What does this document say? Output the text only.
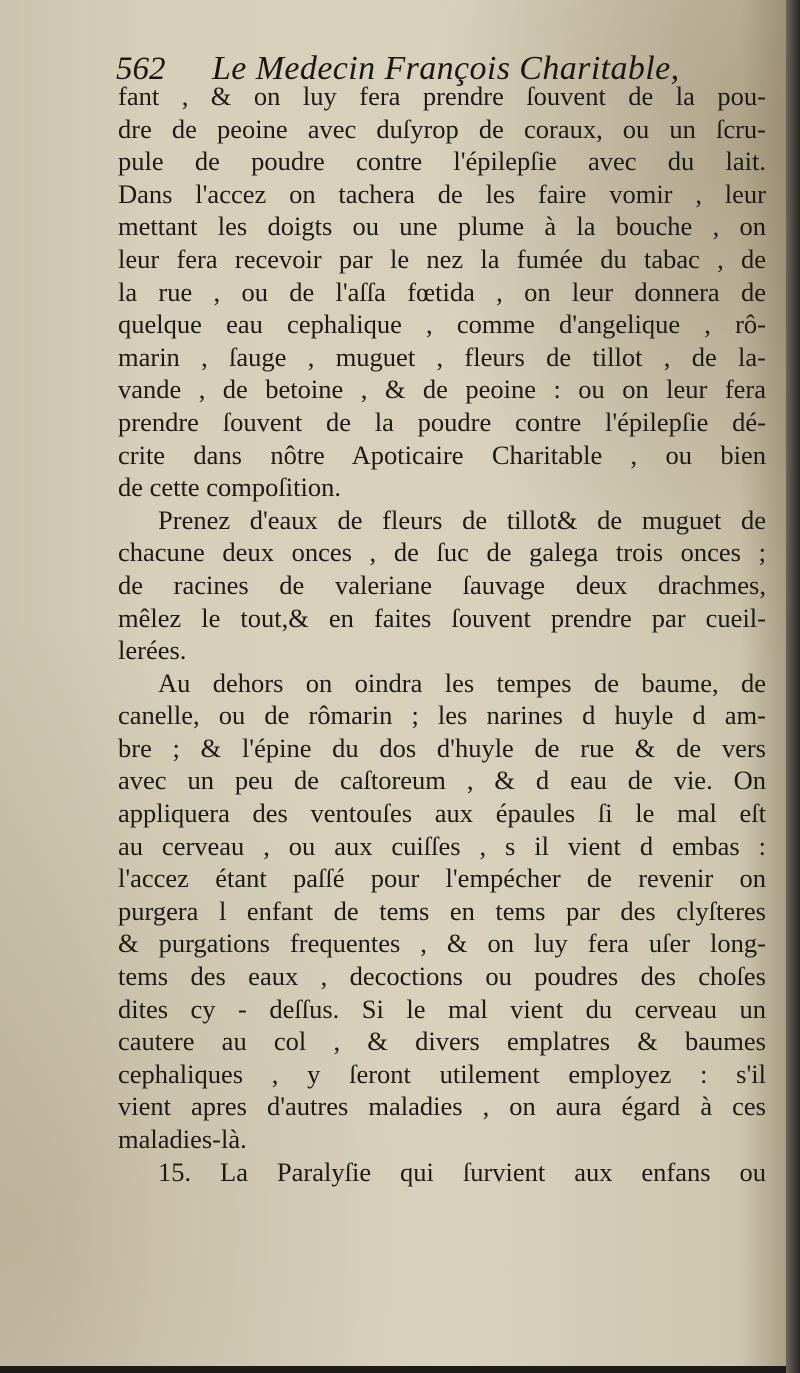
562 Le Medecin François Charitable,
fant , & on luy fera prendre ſouvent de la pou-
dre de peoine avec duſyrop de coraux, ou un ſcru-
pule de poudre contre l'épilepſie avec du lait.
Dans l'accez on tachera de les faire vomir , leur
mettant les doigts ou une plume à la bouche , on
leur fera recevoir par le nez la fumée du tabac , de
la rue , ou de l'aſſa fœtida , on leur donnera de
quelque eau cephalique , comme d'angelique , rô-
marin , ſauge , muguet , fleurs de tillot , de la-
vande , de betoine , & de peoine : ou on leur fera
prendre ſouvent de la poudre contre l'épilepſie dé-
crite dans nôtre Apoticaire Charitable , ou bien
de cette compoſition.
Prenez d'eaux de fleurs de tillot& de muguet de
chacune deux onces , de ſuc de galega trois onces ;
de racines de valeriane ſauvage deux drachmes,
mêlez le tout,& en faites ſouvent prendre par cueil-
lerées.
Au dehors on oindra les tempes de baume, de
canelle, ou de rômarin ; les narines d huyle d am-
bre ; & l'épine du dos d'huyle de rue & de vers
avec un peu de caſtoreum , & d eau de vie. On
appliquera des ventouſes aux épaules ſi le mal eſt
au cerveau , ou aux cuiſſes , s il vient d embas :
l'accez étant paſſé pour l'empécher de revenir on
purgera l enfant de tems en tems par des clyſteres
& purgations frequentes , & on luy fera uſer long-
tems des eaux , decoctions ou poudres des choſes
dites cy - deſſus. Si le mal vient du cerveau un
cautere au col , & divers emplatres & baumes
cephaliques , y ſeront utilement employez : s'il
vient apres d'autres maladies , on aura égard à ces
maladies-là.
15. La Paralyſie qui ſurvient aux enfans ou
